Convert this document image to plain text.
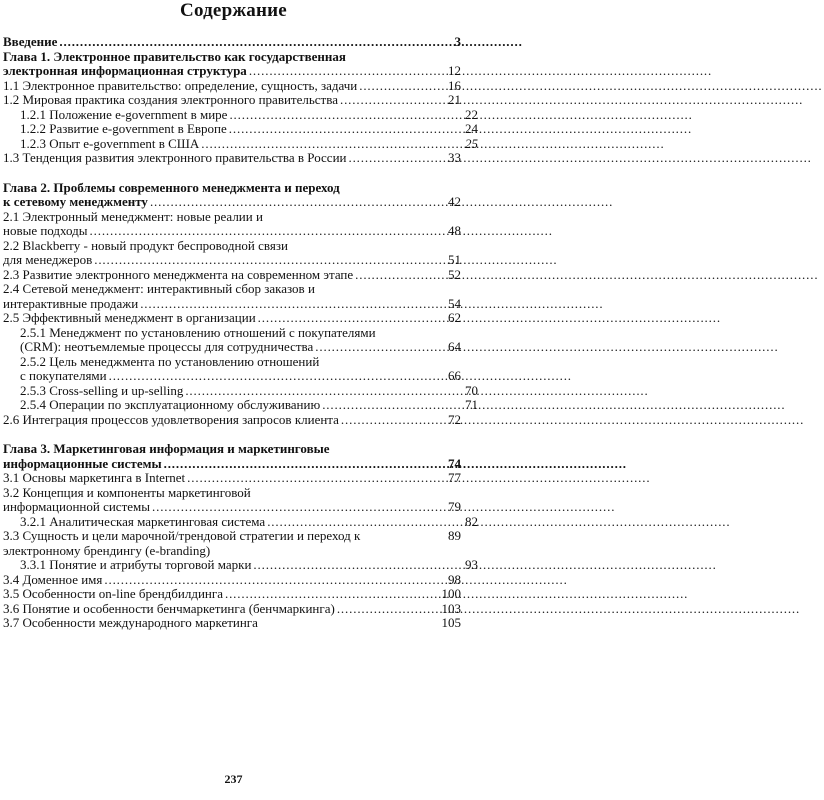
Содержание
Введение . . .	3
Глава 1. Электронное правительство как государственная
электронная информационная структура . . .	12
1.1 Электронное правительство: определение, сущность, задачи . . .	16
1.2 Мировая практика создания электронного правительства . . .	21
1.2.1 Положение e-government в мире . . .	22
1.2.2 Развитие e-government в Европе . . .	24
1.2.3 Опыт e-government в США . . .	25
1.3 Тенденция развития электронного правительства в России . . .	33
Глава 2. Проблемы современного менеджмента и переход
к сетевому менеджменту . . .	42
2.1 Электронный менеджмент: новые реалии и
новые подходы . . .	48
2.2 Blackberry - новый продукт беспроводной связи
для менеджеров . . .	51
2.3 Развитие электронного менеджмента на современном этапе . . .	52
2.4 Сетевой менеджмент: интерактивный сбор заказов и
интерактивные продажи . . .	54
2.5 Эффективный менеджмент в организации . . .	62
2.5.1 Менеджмент по установлению отношений с покупателями
(CRM): неотъемлемые процессы для сотрудничества . . .	64
2.5.2 Цель менеджмента по установлению отношений
с покупателями . . .	66
2.5.3 Cross-selling и up-selling . . .	70
2.5.4 Операции по эксплуатационному обслуживанию . . .	71
2.6 Интеграция процессов удовлетворения запросов клиента . . .	72
Глава 3. Маркетинговая информация и маркетинговые
информационные системы . . .	74
3.1 Основы маркетинга в Internet . . .	77
3.2 Концепция и компоненты маркетинговой
информационной системы . . .	79
3.2.1 Аналитическая маркетинговая система . . .	82
3.3 Сущность и цели марочной/трендовой стратегии и переход к	89
электронному брендингу (e-branding)
3.3.1 Понятие и атрибуты торговой марки . . .	93
3.4 Доменное имя . . .	98
3.5 Особенности on-line брендбилдинга . . .	100
3.6 Понятие и особенности бенчмаркетинга (бенчмаркинга) . . .	103
3.7 Особенности международного маркетинга	105
237
